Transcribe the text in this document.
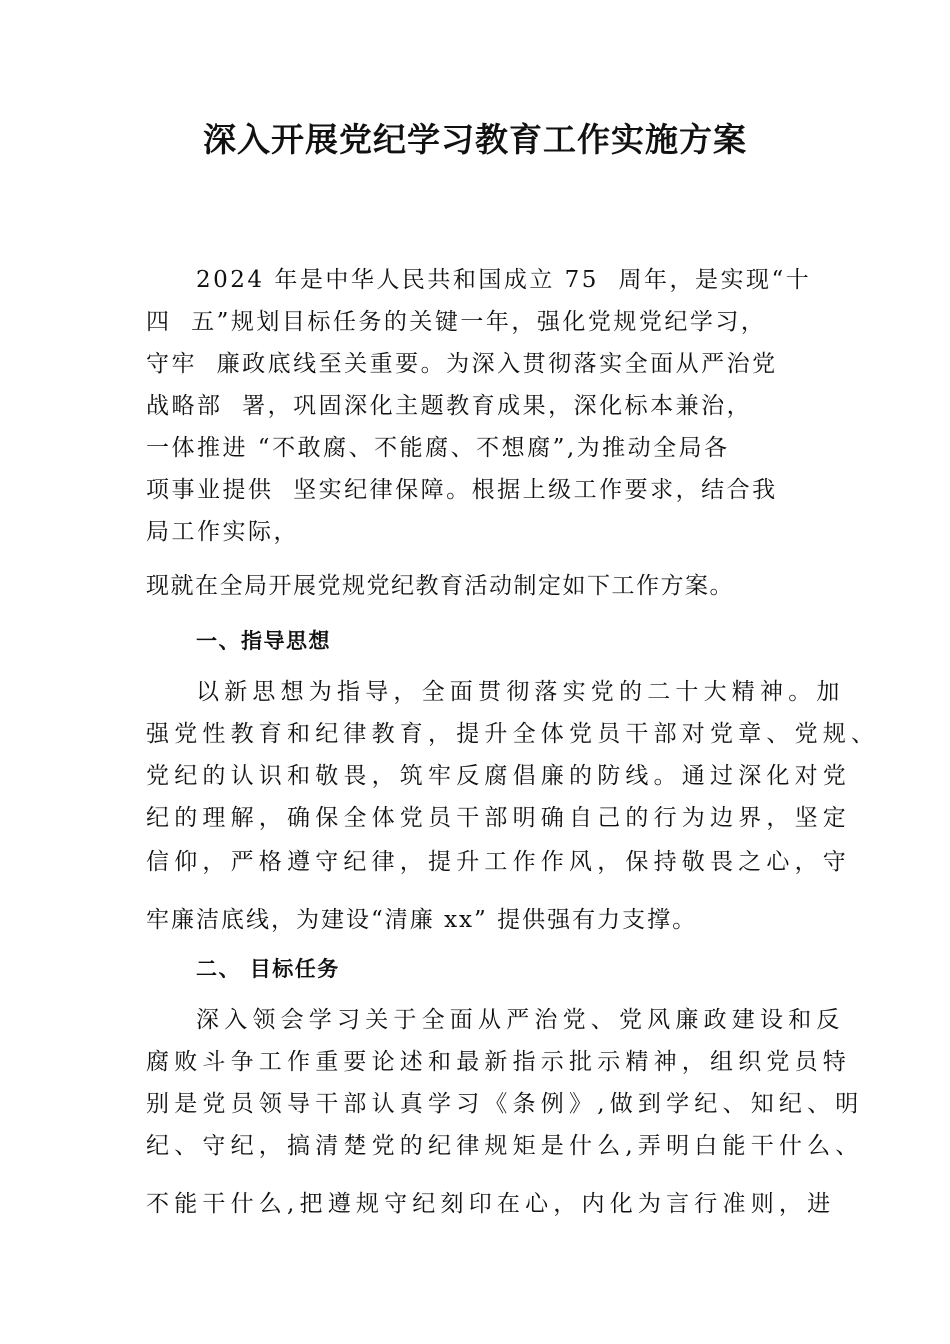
深入开展党纪学习教育工作实施方案
2024 年是中华人民共和国成立 75  周年，是实现“十
四  五”规划目标任务的关键一年，强化党规党纪学习，
守牢  廉政底线至关重要。为深入贯彻落实全面从严治党
战略部  署，巩固深化主题教育成果，深化标本兼治，
一体推进 “不敢腐、不能腐、不想腐”,为推动全局各
项事业提供  坚实纪律保障。根据上级工作要求，结合我
局工作实际，
现就在全局开展党规党纪教育活动制定如下工作方案。
一、指导思想
以新思想为指导，全面贯彻落实党的二十大精神。加
强党性教育和纪律教育，提升全体党员干部对党章、党规、
党纪的认识和敬畏，筑牢反腐倡廉的防线。通过深化对党
纪的理解，确保全体党员干部明确自己的行为边界，坚定
信仰，严格遵守纪律，提升工作作风，保持敬畏之心，守
牢廉洁底线，为建设“清廉 xx” 提供强有力支撑。
二、 目标任务
深入领会学习关于全面从严治党、党风廉政建设和反
腐败斗争工作重要论述和最新指示批示精神，组织党员特
别是党员领导干部认真学习《条例》,做到学纪、知纪、明
纪、守纪，搞清楚党的纪律规矩是什么,弄明白能干什么、
不能干什么,把遵规守纪刻印在心，内化为言行准则，进
